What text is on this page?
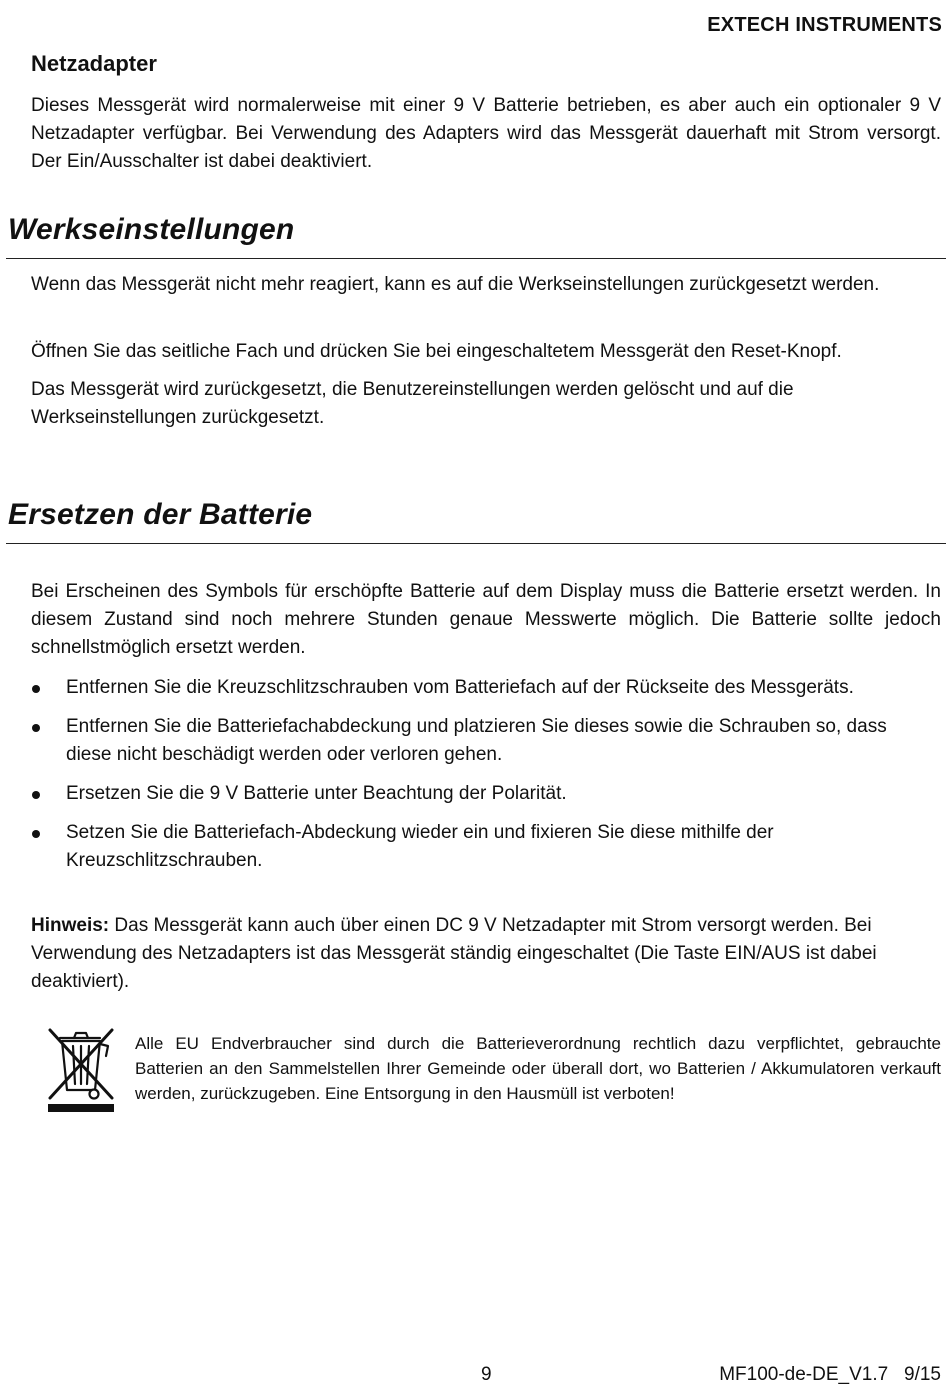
EXTECH INSTRUMENTS
Netzadapter
Dieses Messgerät wird normalerweise mit einer 9 V Batterie betrieben, es aber auch ein optionaler 9 V Netzadapter verfügbar. Bei Verwendung des Adapters wird das Messgerät dauerhaft mit Strom versorgt. Der Ein/Ausschalter ist dabei deaktiviert.
Werkseinstellungen
Wenn das Messgerät nicht mehr reagiert, kann es auf die Werkseinstellungen zurückgesetzt werden.
Öffnen Sie das seitliche Fach und drücken Sie bei eingeschaltetem Messgerät den Reset-Knopf.
Das Messgerät wird zurückgesetzt, die Benutzereinstellungen werden gelöscht und auf die Werkseinstellungen zurückgesetzt.
Ersetzen der Batterie
Bei Erscheinen des Symbols für erschöpfte Batterie auf dem Display muss die Batterie ersetzt werden. In diesem Zustand sind noch mehrere Stunden genaue Messwerte möglich. Die Batterie sollte jedoch schnellstmöglich ersetzt werden.
Entfernen Sie die Kreuzschlitzschrauben vom Batteriefach auf der Rückseite des Messgeräts.
Entfernen Sie die Batteriefachabdeckung und platzieren Sie dieses sowie die Schrauben so, dass diese nicht beschädigt werden oder verloren gehen.
Ersetzen Sie die 9 V Batterie unter Beachtung der Polarität.
Setzen Sie die Batteriefach-Abdeckung wieder ein und fixieren Sie diese mithilfe der Kreuzschlitzschrauben.
Hinweis: Das Messgerät kann auch über einen DC 9 V Netzadapter mit Strom versorgt werden. Bei Verwendung des Netzadapters ist das Messgerät ständig eingeschaltet (Die Taste EIN/AUS ist dabei deaktiviert).
Alle EU Endverbraucher sind durch die Batterieverordnung rechtlich dazu verpflichtet, gebrauchte Batterien an den Sammelstellen Ihrer Gemeinde oder überall dort, wo Batterien / Akkumulatoren verkauft werden, zurückzugeben. Eine Entsorgung in den Hausmüll ist verboten!
9	MF100-de-DE_V1.7   9/15
